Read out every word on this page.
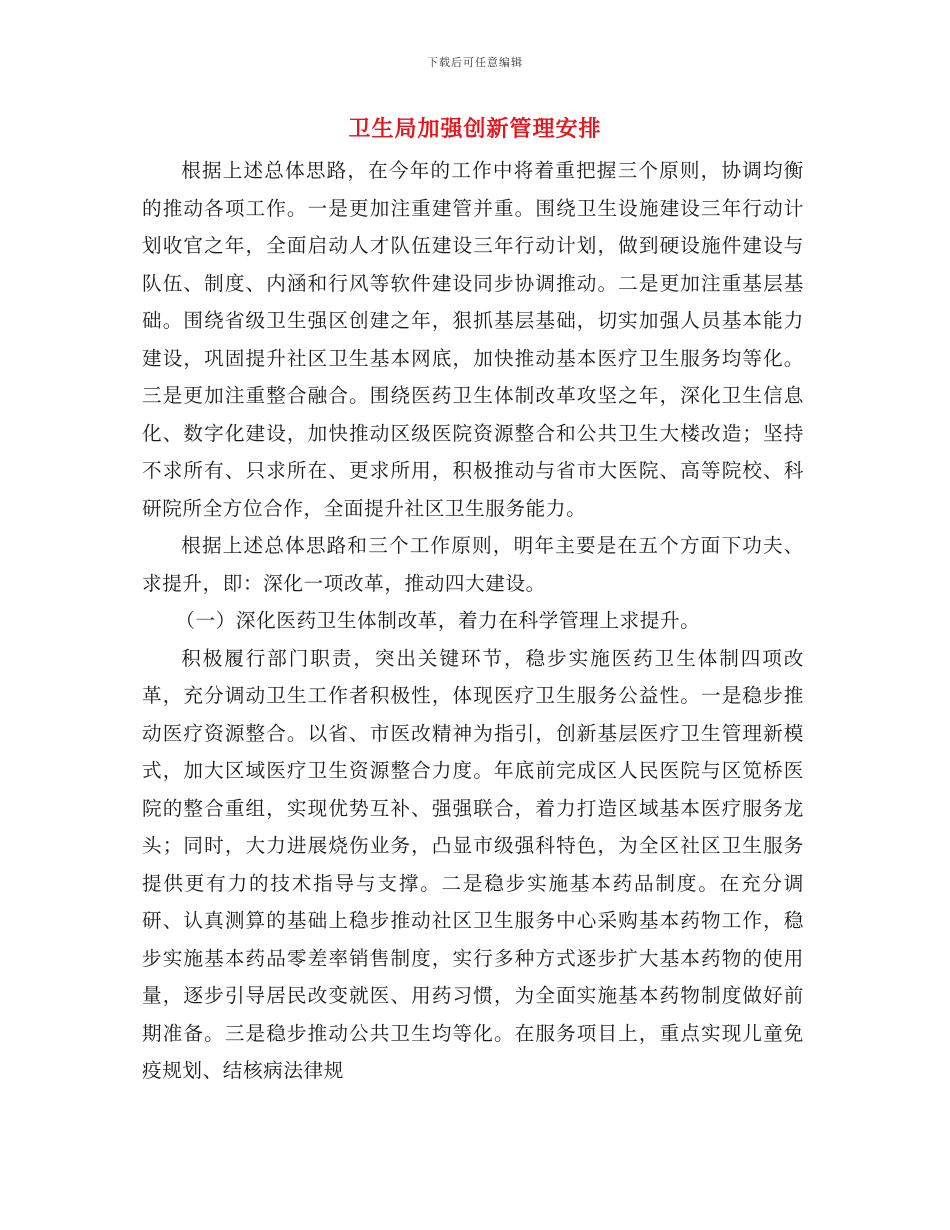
下载后可任意编辑
卫生局加强创新管理安排

根据上述总体思路，在今年的工作中将着重把握三个原则，协调均衡的推动各项工作。一是更加注重建管并重。围绕卫生设施建设三年行动计划收官之年，全面启动人才队伍建设三年行动计划，做到硬设施件建设与队伍、制度、内涵和行风等软件建设同步协调推动。二是更加注重基层基础。围绕省级卫生强区创建之年，狠抓基层基础，切实加强人员基本能力建设，巩固提升社区卫生基本网底，加快推动基本医疗卫生服务均等化。三是更加注重整合融合。围绕医药卫生体制改革攻坚之年，深化卫生信息化、数字化建设，加快推动区级医院资源整合和公共卫生大楼改造；坚持不求所有、只求所在、更求所用，积极推动与省市大医院、高等院校、科研院所全方位合作，全面提升社区卫生服务能力。

根据上述总体思路和三个工作原则，明年主要是在五个方面下功夫、求提升，即：深化一项改革，推动四大建设。

（一）深化医药卫生体制改革，着力在科学管理上求提升。

积极履行部门职责，突出关键环节，稳步实施医药卫生体制四项改革，充分调动卫生工作者积极性，体现医疗卫生服务公益性。一是稳步推动医疗资源整合。以省、市医改精神为指引，创新基层医疗卫生管理新模式，加大区域医疗卫生资源整合力度。年底前完成区人民医院与区笕桥医院的整合重组，实现优势互补、强强联合，着力打造区域基本医疗服务龙头；同时，大力进展烧伤业务，凸显市级强科特色，为全区社区卫生服务提供更有力的技术指导与支撑。二是稳步实施基本药品制度。在充分调研、认真测算的基础上稳步推动社区卫生服务中心采购基本药物工作，稳步实施基本药品零差率销售制度，实行多种方式逐步扩大基本药物的使用量，逐步引导居民改变就医、用药习惯，为全面实施基本药物制度做好前期准备。三是稳步推动公共卫生均等化。在服务项目上，重点实现儿童免疫规划、结核病法律规
